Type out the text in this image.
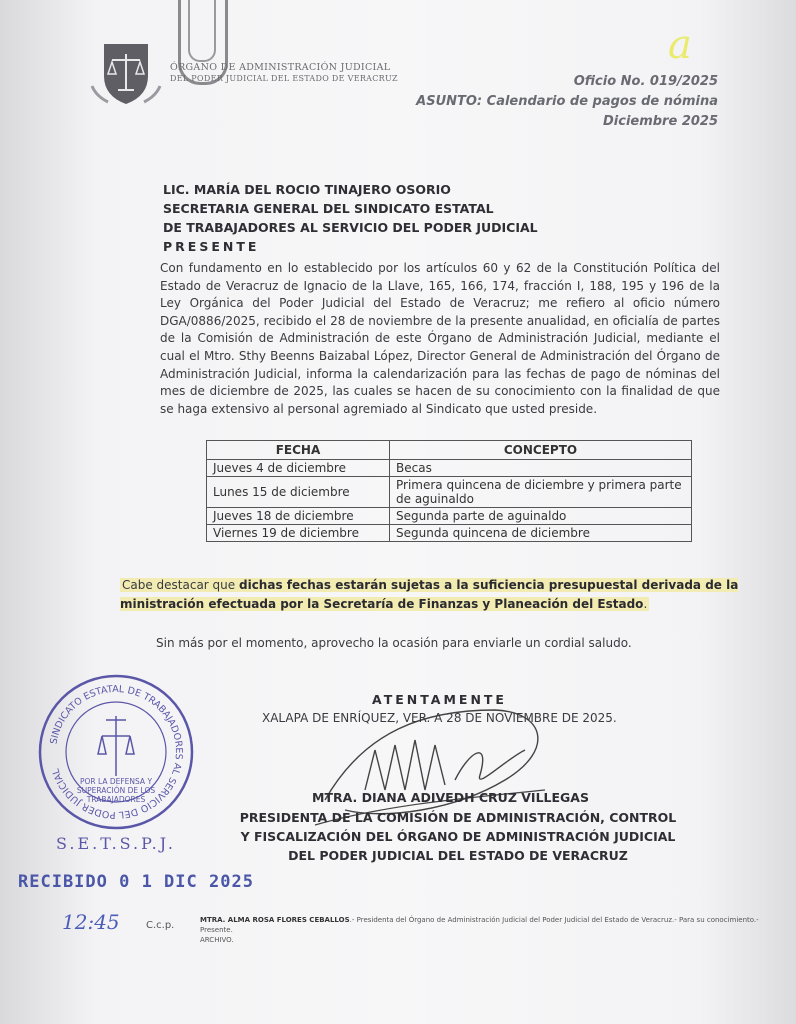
ÓRGANO DE ADMINISTRACIÓN JUDICIAL
DEL PODER JUDICIAL DEL ESTADO DE VERACRUZ
a
Oficio No. 019/2025
ASUNTO: Calendario de pagos de nómina
Diciembre 2025
LIC. MARÍA DEL ROCIO TINAJERO OSORIO
SECRETARIA GENERAL DEL SINDICATO ESTATAL
DE TRABAJADORES AL SERVICIO DEL PODER JUDICIAL
PRESENTE
Con fundamento en lo establecido por los artículos 60 y 62 de la Constitución Política del Estado de Veracruz de Ignacio de la Llave, 165, 166, 174, fracción I, 188, 195 y 196 de la Ley Orgánica del Poder Judicial del Estado de Veracruz; me refiero al oficio número DGA/0886/2025, recibido el 28 de noviembre de la presente anualidad, en oficialía de partes de la Comisión de Administración de este Órgano de Administración Judicial, mediante el cual el Mtro. Sthy Beenns Baizabal López, Director General de Administración del Órgano de Administración Judicial, informa la calendarización para las fechas de pago de nóminas del mes de diciembre de 2025, las cuales se hacen de su conocimiento con la finalidad de que se haga extensivo al personal agremiado al Sindicato que usted preside.
FECHA	CONCEPTO
Jueves 4 de diciembre	Becas
Lunes 15 de diciembre	Primera quincena de diciembre y primera parte de aguinaldo
Jueves 18 de diciembre	Segunda parte de aguinaldo
Viernes 19 de diciembre	Segunda quincena de diciembre
Cabe destacar que dichas fechas estarán sujetas a la suficiencia presupuestal derivada de la ministración efectuada por la Secretaría de Finanzas y Planeación del Estado.
Sin más por el momento, aprovecho la ocasión para enviarle un cordial saludo.
ATENTAMENTE
XALAPA DE ENRÍQUEZ, VER. A 28 DE NOVIEMBRE DE 2025.
MTRA. DIANA ADIVEDH CRUZ VILLEGAS
PRESIDENTA DE LA COMISIÓN DE ADMINISTRACIÓN, CONTROL
Y FISCALIZACIÓN DEL ÓRGANO DE ADMINISTRACIÓN JUDICIAL
DEL PODER JUDICIAL DEL ESTADO DE VERACRUZ
SINDICATO ESTATAL DE TRABAJADORES AL SERVICIO DEL PODER JUDICIAL
POR LA DEFENSA Y
SUPERACIÓN DE LOS
TRABAJADORES
S.E.T.S.P.J.
RECIBIDO 0 1 DIC 2025
12:45	C.c.p.	MTRA. ALMA ROSA FLORES CEBALLOS.- Presidenta del Órgano de Administración Judicial del Poder Judicial del Estado de Veracruz.- Para su conocimiento.- Presente.
ARCHIVO.
